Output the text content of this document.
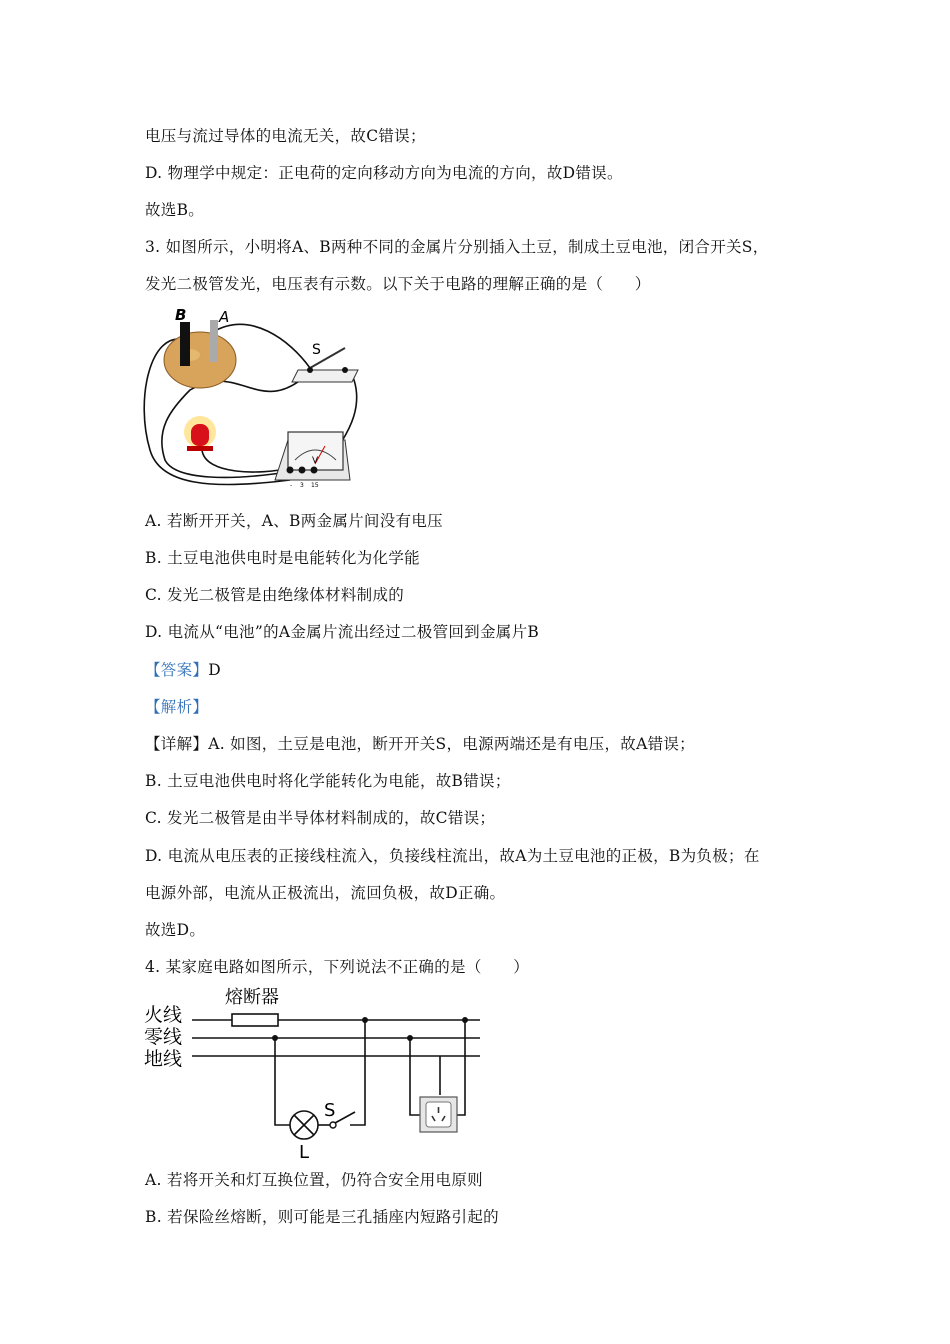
电压与流过导体的电流无关，故C错误；
D. 物理学中规定：正电荷的定向移动方向为电流的方向，故D错误。
故选B。
3. 如图所示，小明将A、B两种不同的金属片分别插入土豆，制成土豆电池，闭合开关S，
发光二极管发光，电压表有示数。以下关于电路的理解正确的是（　　）
B A
S
V
- 3 15
A. 若断开开关，A、B两金属片间没有电压
B. 土豆电池供电时是电能转化为化学能
C. 发光二极管是由绝缘体材料制成的
D. 电流从“电池”的A金属片流出经过二极管回到金属片B
【答案】D
【解析】
【详解】A. 如图，土豆是电池，断开开关S，电源两端还是有电压，故A错误；
B. 土豆电池供电时将化学能转化为电能，故B错误；
C. 发光二极管是由半导体材料制成的，故C错误；
D. 电流从电压表的正接线柱流入，负接线柱流出，故A为土豆电池的正极，B为负极；在
电源外部，电流从正极流出，流回负极，故D正确。
故选D。
4. 某家庭电路如图所示，下列说法不正确的是（　　）
火线
零线
地线
熔断器
S
L
A. 若将开关和灯互换位置，仍符合安全用电原则
B. 若保险丝熔断，则可能是三孔插座内短路引起的
